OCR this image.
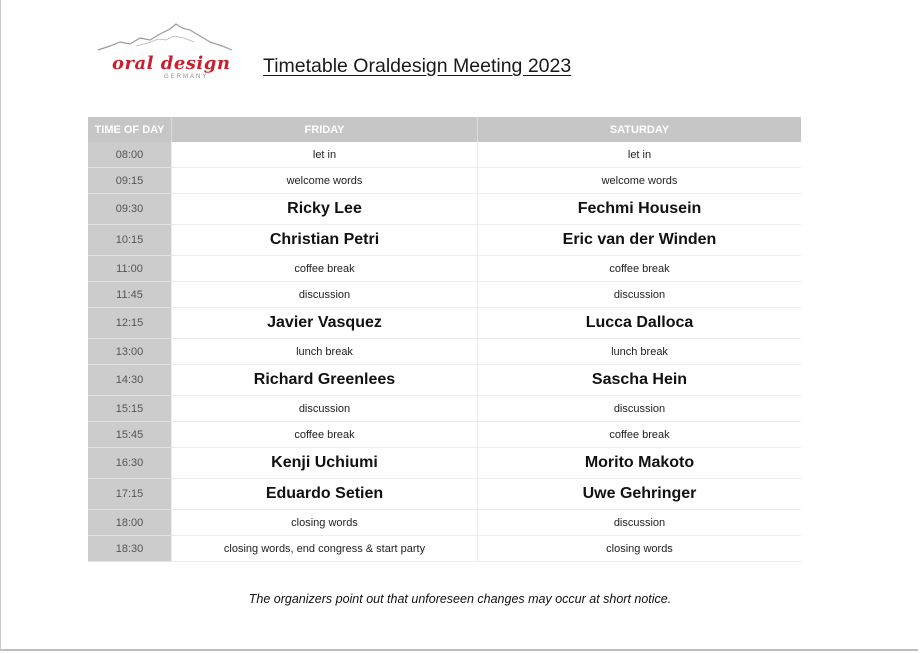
oral design
GERMANY	Timetable Oraldesign Meeting 2023
TIME OF DAY	FRIDAY	SATURDAY
08:00	let in	let in
09:15	welcome words	welcome words
09:30	Ricky Lee	Fechmi Housein
10:15	Christian Petri	Eric van der Winden
11:00	coffee break	coffee break
11:45	discussion	discussion
12:15	Javier Vasquez	Lucca Dalloca
13:00	lunch break	lunch break
14:30	Richard Greenlees	Sascha Hein
15:15	discussion	discussion
15:45	coffee break	coffee break
16:30	Kenji Uchiumi	Morito Makoto
17:15	Eduardo Setien	Uwe Gehringer
18:00	closing words	discussion
18:30	closing words, end congress & start party	closing words
The organizers point out that unforeseen changes may occur at short notice.
